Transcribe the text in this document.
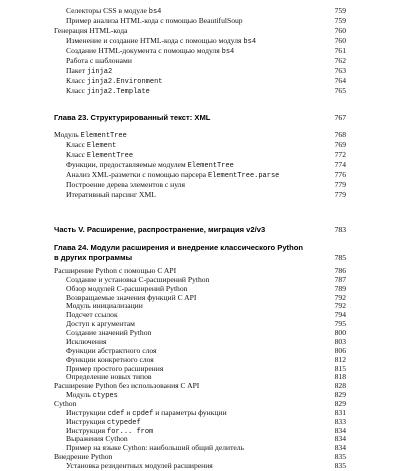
Селекторы CSS в модуле bs4	759
Пример анализа HTML-кода с помощью BeautifulSoup	759
Генерация HTML-кода	760
Изменение и создание HTML-кода с помощью модуля bs4	760
Создание HTML-документа с помощью модуля bs4	761
Работа с шаблонами	762
Пакет jinja2	763
Класс jinja2.Environment	764
Класс jinja2.Template	765
Глава 23. Структурированный текст: XML	767
Модуль ElementTree	768
Класс Element	769
Класс ElementTree	772
Функции, предоставляемые модулем ElementTree	774
Анализ XML-разметки с помощью парсера ElementTree.parse	776
Построение дерева элементов с нуля	779
Итеративный парсинг XML	779
Часть V. Расширение, распространение, миграция v2/v3	783
Глава 24. Модули расширения и внедрение классического Python в других программы	785
Расширение Python с помощью C API	786
Создание и установка C-расширений Python	787
Обзор модулей C-расширений Python	789
Возвращаемые значения функций C API	792
Модуль инициализации	792
Подсчет ссылок	794
Доступ к аргументам	795
Создание значений Python	800
Исключения	803
Функции абстрактного слоя	806
Функции конкретного слоя	812
Пример простого расширения	815
Определение новых типов	818
Расширение Python без использования C API	828
Модуль ctypes	829
Cython	829
Инструкции cdef и cpdef и параметры функции	831
Инструкция ctypedef	833
Инструкция for... from	834
Выражения Cython	834
Пример на языке Cython: наибольший общий делитель	834
Внедрение Python	835
Установка резидентных модулей расширения	835
